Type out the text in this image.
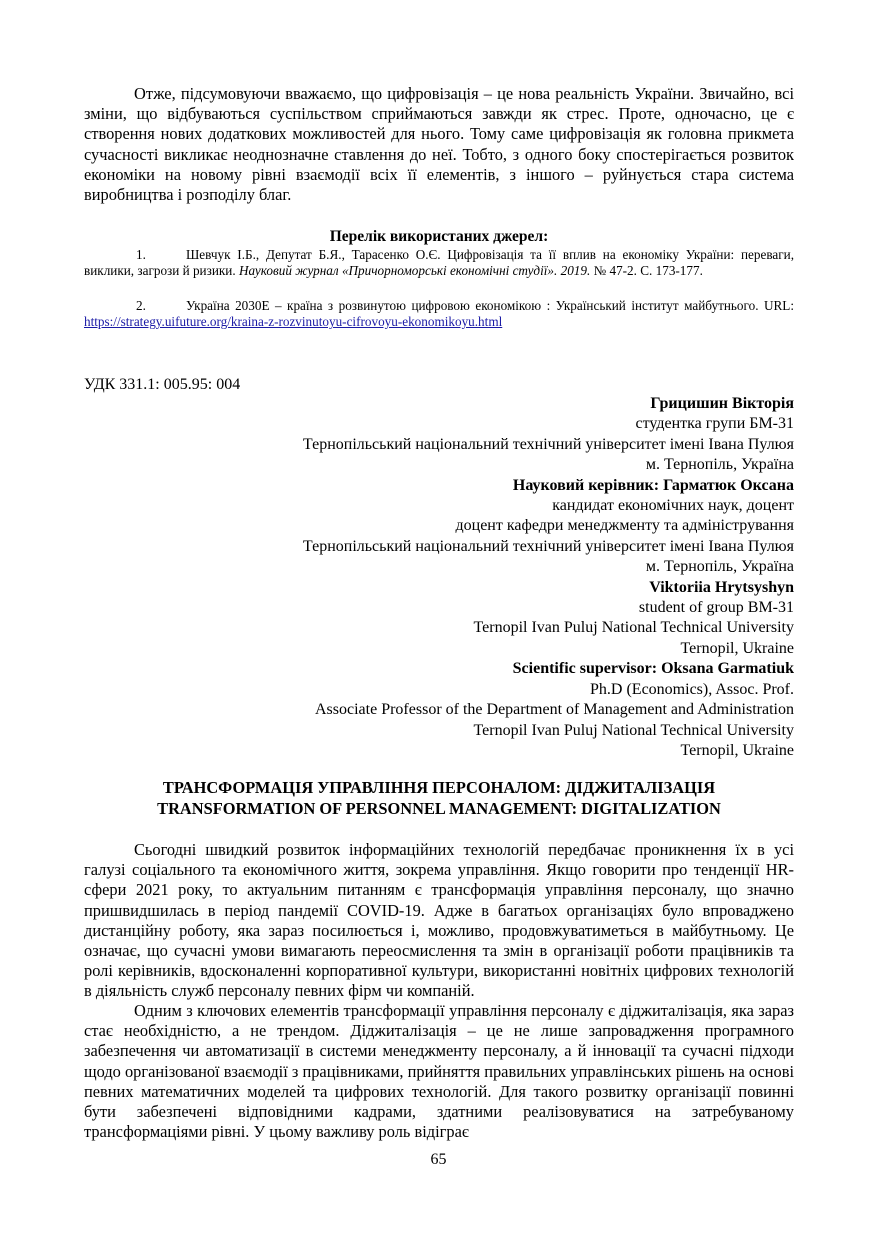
Отже, підсумовуючи вважаємо, що цифровізація – це нова реальність України. Звичайно, всі зміни, що відбуваються суспільством сприймаються завжди як стрес. Проте, одночасно, це є створення нових додаткових можливостей для нього. Тому саме цифровізація як головна прикмета сучасності викликає неоднозначне ставлення до неї. Тобто, з одного боку спостерігається розвиток економіки на новому рівні взаємодії всіх її елементів, з іншого – руйнується стара система виробництва і розподілу благ.

Перелік використаних джерел:

1.	Шевчук І.Б., Депутат Б.Я., Тарасенко О.Є. Цифровізація та її вплив на економіку України: переваги, виклики, загрози й ризики. Науковий журнал «Причорноморські економічні студії». 2019. № 47-2. С. 173-177.

2.	Україна 2030Е – країна з розвинутою цифровою економікою : Український інститут майбутнього. URL: https://strategy.uifuture.org/kraina-z-rozvinutoyu-cifrovoyu-ekonomikoyu.html

УДК 331.1: 005.95: 004
Грицишин Вікторія
студентка групи БМ-31
Тернопільський національний технічний університет імені Івана Пулюя
м. Тернопіль, Україна
Науковий керівник: Гарматюк Оксана
кандидат економічних наук, доцент
доцент кафедри менеджменту та адміністрування
Тернопільський національний технічний університет імені Івана Пулюя
м. Тернопіль, Україна
Viktoriia Hrytsyshyn
student of group BM-31
Ternopil Ivan Puluj National Technical University
Ternopil, Ukraine
Scientific supervisor: Oksana Garmatiuk
Ph.D (Economics), Assoc. Prof.
Associate Professor of the Department of Management and Administration
Ternopil Ivan Puluj National Technical University
Ternopil, Ukraine
ТРАНСФОРМАЦІЯ УПРАВЛІННЯ ПЕРСОНАЛОМ: ДІДЖИТАЛІЗАЦІЯ
TRANSFORMATION OF PERSONNEL MANAGEMENT: DIGITALIZATION

Сьогодні швидкий розвиток інформаційних технологій передбачає проникнення їх в усі галузі соціального та економічного життя, зокрема управління. Якщо говорити про тенденції HR-сфери 2021 року, то актуальним питанням є трансформація управління персоналу, що значно пришвидшилась в період пандемії COVID-19. Адже в багатьох організаціях було впроваджено дистанційну роботу, яка зараз посилюється і, можливо, продовжуватиметься в майбутньому. Це означає, що сучасні умови вимагають переосмислення та змін в організації роботи працівників та ролі керівників, вдосконаленні корпоративної культури, використанні новітніх цифрових технологій в діяльність служб персоналу певних фірм чи компаній.

Одним з ключових елементів трансформації управління персоналу є діджиталізація, яка зараз стає необхідністю, а не трендом. Діджиталізація – це не лише запровадження програмного забезпечення чи автоматизації в системи менеджменту персоналу, а й інновації та сучасні підходи щодо організованої взаємодії з працівниками, прийняття правильних управлінських рішень на основі певних математичних моделей та цифрових технологій. Для такого розвитку організації повинні бути забезпечені відповідними кадрами, здатними реалізовуватися на затребуваному трансформаціями рівні. У цьому важливу роль відіграє

65
